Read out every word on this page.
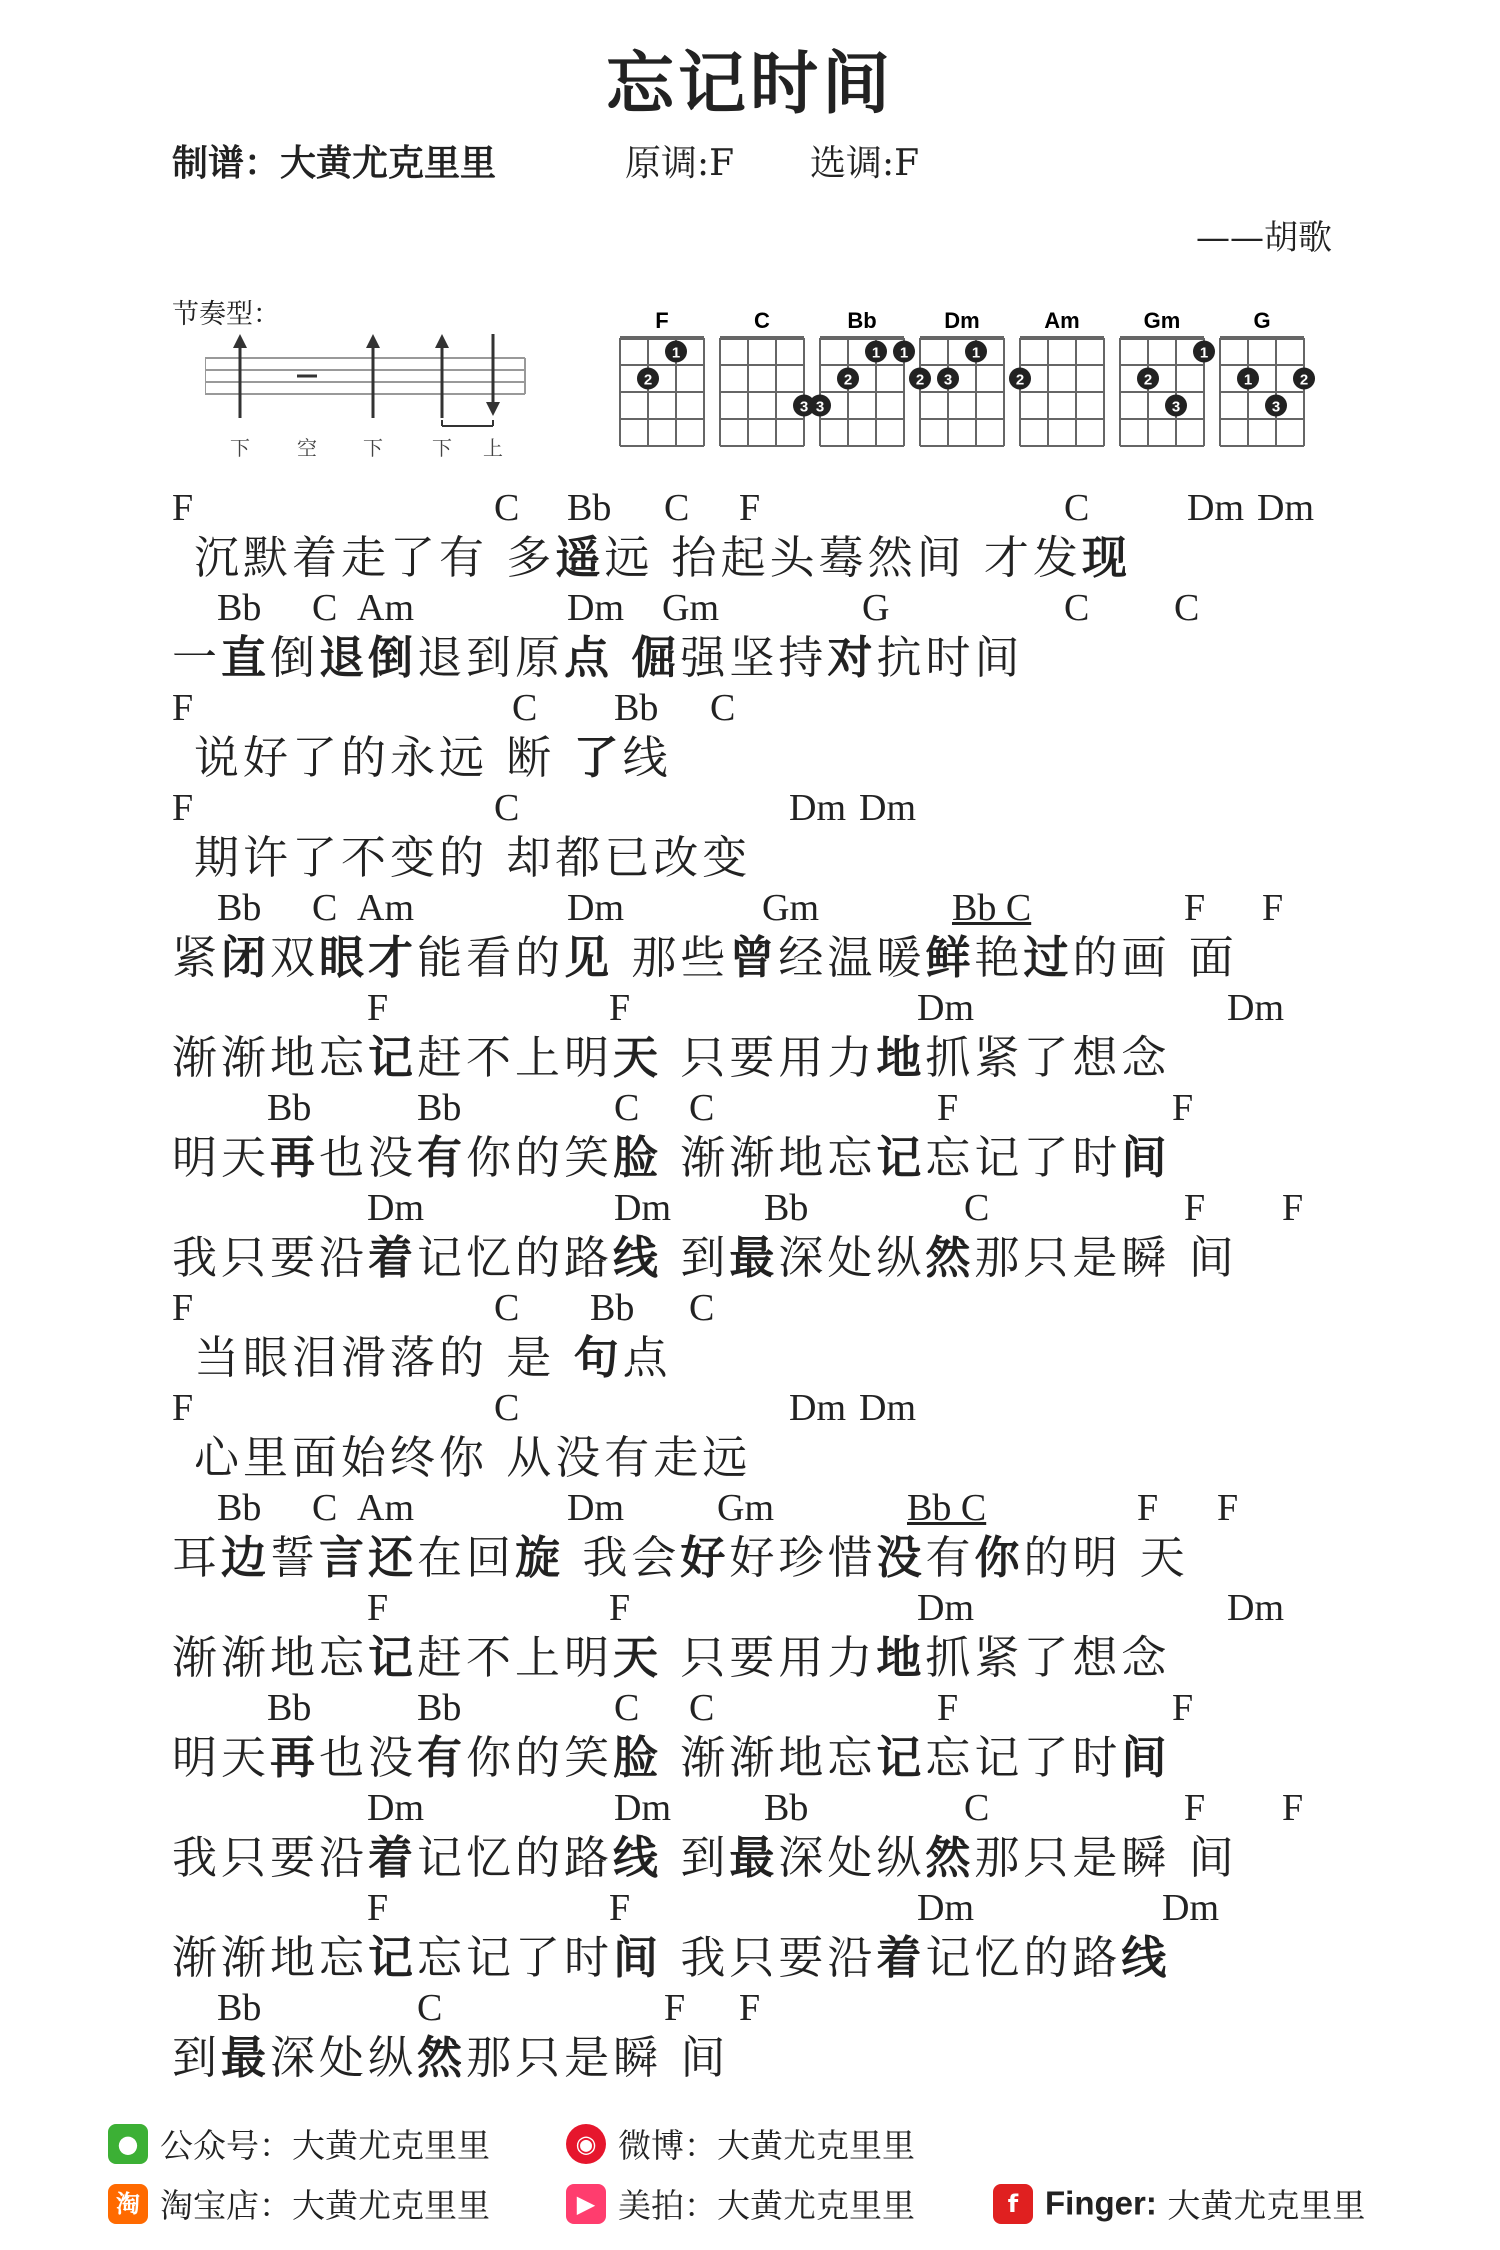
忘记时间
制谱：大黄尤克里里	原调:F 选调:F
——胡歌
节奏型：
下 空 下 下 上
F
2
1
C
3
Bb
3
2
1 1
Dm
2 3
1
Am
2
Gm
2
3
1
G
1
3
2
F	C Bb C F	C	Dm Dm
沉默着走了有 多遥远 抬起头蓦然间 才发现
Bb C Am	Dm Gm	G	C C
一直倒退倒退到原点 倔强坚持对抗时间
F	C Bb C
说好了的永远 断 了线
F	C	Dm Dm
期许了不变的 却都已改变
Bb C Am	Dm	Gm	Bb C	F F
紧闭双眼才能看的见 那些曾经温暖鲜艳过的画 面
F	F	Dm	Dm
渐渐地忘记赶不上明天 只要用力地抓紧了想念
Bb	Bb	C C	F	F
明天再也没有你的笑脸 渐渐地忘记忘记了时间
Dm	Dm Bb	C	F F
我只要沿着记忆的路线 到最深处纵然那只是瞬 间
F	C Bb C
当眼泪滑落的 是 句点
F	C	Dm Dm
心里面始终你 从没有走远
Bb C Am	Dm Gm	Bb C	F F
耳边誓言还在回旋 我会好好珍惜没有你的明 天
F	F	Dm	Dm
渐渐地忘记赶不上明天 只要用力地抓紧了想念
Bb	Bb	C C	F	F
明天再也没有你的笑脸 渐渐地忘记忘记了时间
Dm	Dm Bb	C	F F
我只要沿着记忆的路线 到最深处纵然那只是瞬 间
F	F	Dm	Dm
渐渐地忘记忘记了时间 我只要沿着记忆的路线
Bb	C	F F
到最深处纵然那只是瞬 间
● 公众号：大黄尤克里里	◉ 微博：大黄尤克里里
淘 淘宝店：大黄尤克里里	▶ 美拍：大黄尤克里里	f Finger: 大黄尤克里里
